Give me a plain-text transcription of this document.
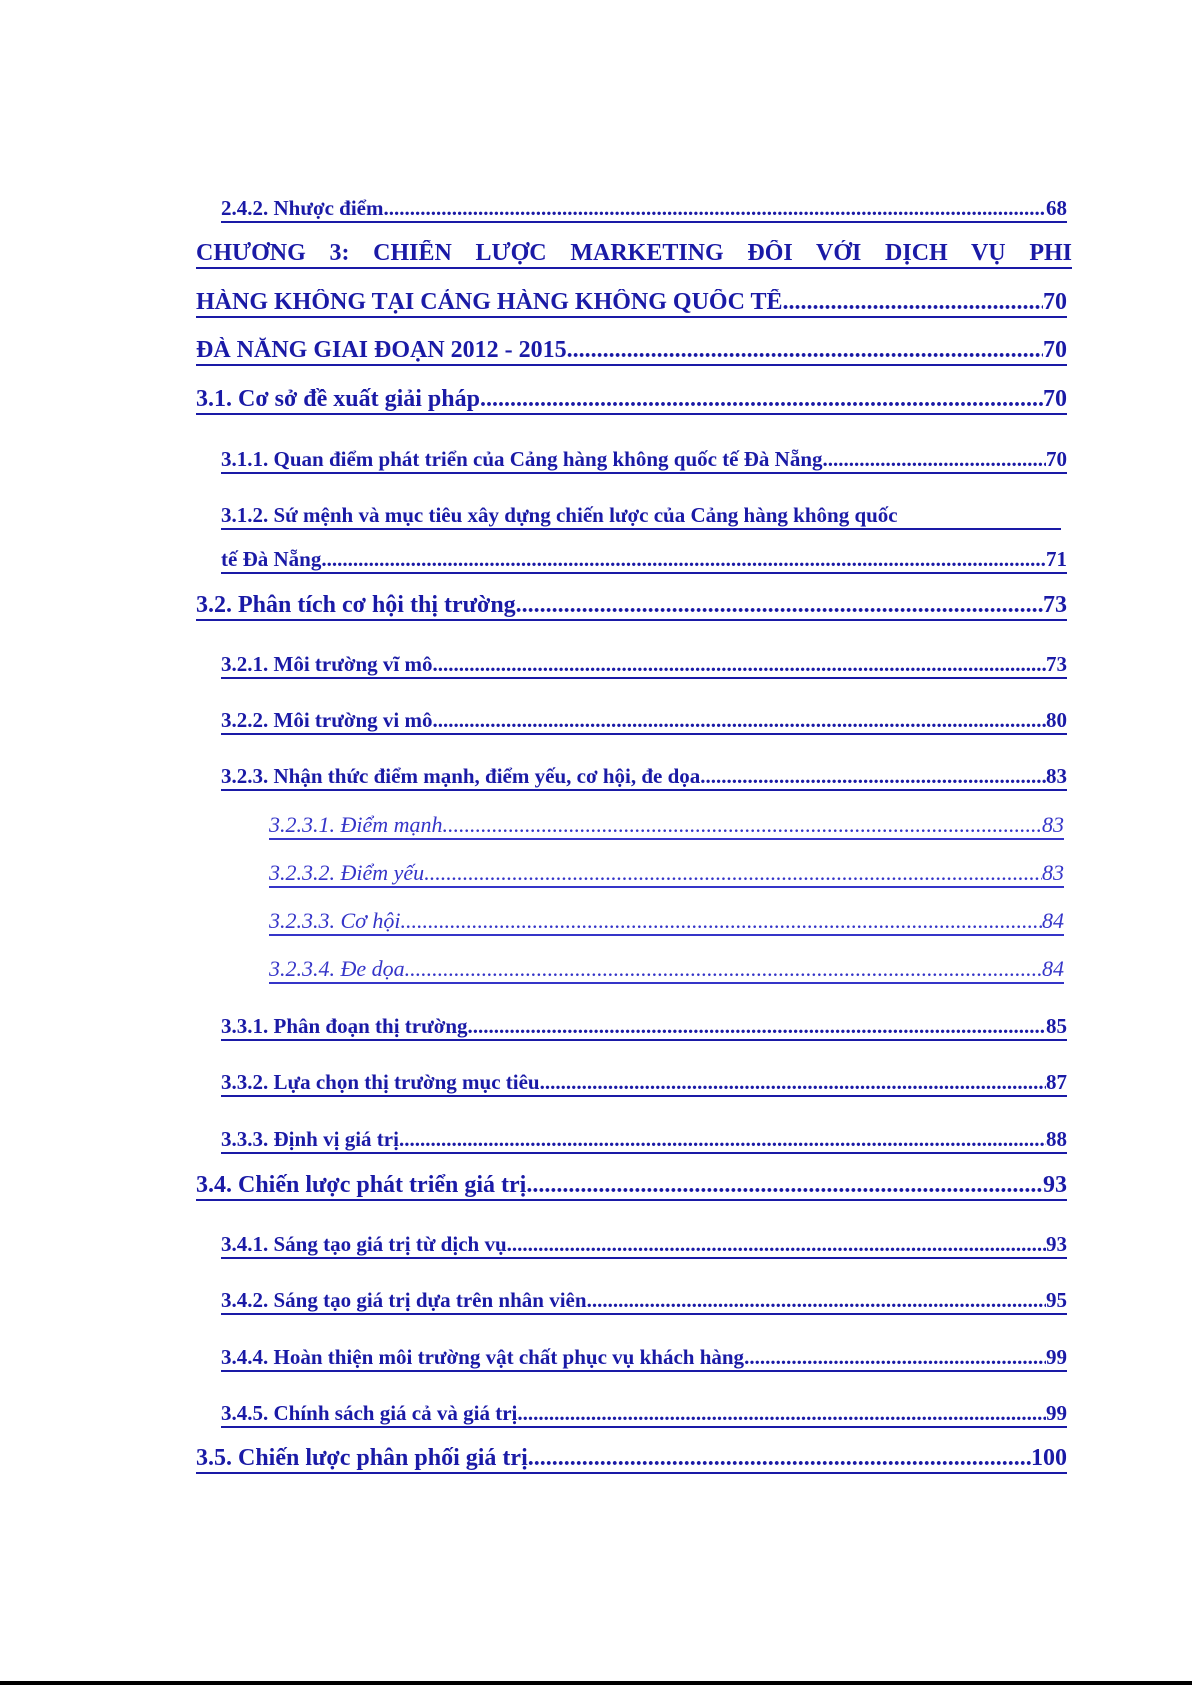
2.4.2. Nhược điểm .....	68
CHƯƠNG 3: CHIẾN LƯỢC MARKETING ĐỐI VỚI DỊCH VỤ PHI
HÀNG KHÔNG TẠI CẢNG HÀNG KHÔNG QUỐC TẾ .....	70
ĐÀ NẴNG GIAI ĐOẠN 2012 - 2015 .....	70
3.1. Cơ sở đề xuất giải pháp .....	70
3.1.1. Quan điểm phát triển của Cảng hàng không quốc tế Đà Nẵng .....	70
3.1.2. Sứ mệnh và mục tiêu xây dựng chiến lược của Cảng hàng không quốc
tế Đà Nẵng .....	71
3.2. Phân tích cơ hội thị trường .....	73
3.2.1. Môi trường vĩ mô .....	73
3.2.2. Môi trường vi mô .....	80
3.2.3. Nhận thức điểm mạnh, điểm yếu, cơ hội, đe dọa .....	83
3.2.3.1. Điểm mạnh .....	83
3.2.3.2. Điểm yếu .....	83
3.2.3.3. Cơ hội .....	84
3.2.3.4. Đe dọa .....	84
3.3.1. Phân đoạn thị trường .....	85
3.3.2. Lựa chọn thị trường mục tiêu .....	87
3.3.3. Định vị giá trị .....	88
3.4. Chiến lược phát triển giá trị .....	93
3.4.1. Sáng tạo giá trị từ dịch vụ .....	93
3.4.2. Sáng tạo giá trị dựa trên nhân viên .....	95
3.4.4. Hoàn thiện môi trường vật chất phục vụ khách hàng .....	99
3.4.5. Chính sách giá cả và giá trị .....	99
3.5. Chiến lược phân phối giá trị .....	100
